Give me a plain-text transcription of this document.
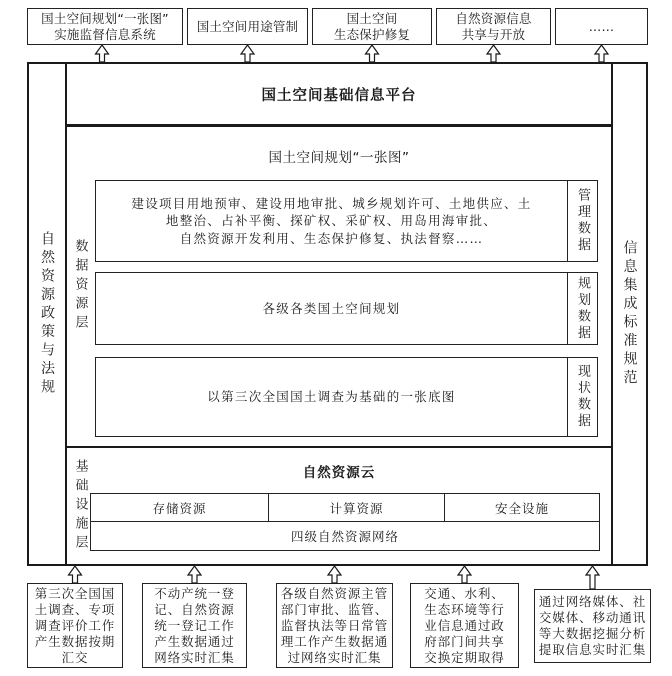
国土空间规划“一张图”
实施监督信息系统
国土空间用途管制
国土空间
生态保护修复
自然资源信息
共享与开放
……
自然资源政策与法规	信息集成标准规范
国土空间基础信息平台
数据资源层
国土空间规划“一张图”
建设项目用地预审、建设用地审批、城乡规划许可、土地供应、土
地整治、占补平衡、探矿权、采矿权、用岛用海审批、
自然资源开发利用、生态保护修复、执法督察……	管理数据
各级各类国土空间规划	规划数据
以第三次全国国土调查为基础的一张底图	现状数据
基础设施层	自然资源云
存储资源	计算资源	安全设施
四级自然资源网络
第三次全国国
土调查、专项
调查评价工作
产生数据按期
汇交
不动产统一登
记、自然资源
统一登记工作
产生数据通过
网络实时汇集
各级自然资源主管
部门审批、监管、
监督执法等日常管
理工作产生数据通
过网络实时汇集
交通、水利、
生态环境等行
业信息通过政
府部门间共享
交换定期取得
通过网络媒体、社
交媒体、移动通讯
等大数据挖掘分析
提取信息实时汇集
